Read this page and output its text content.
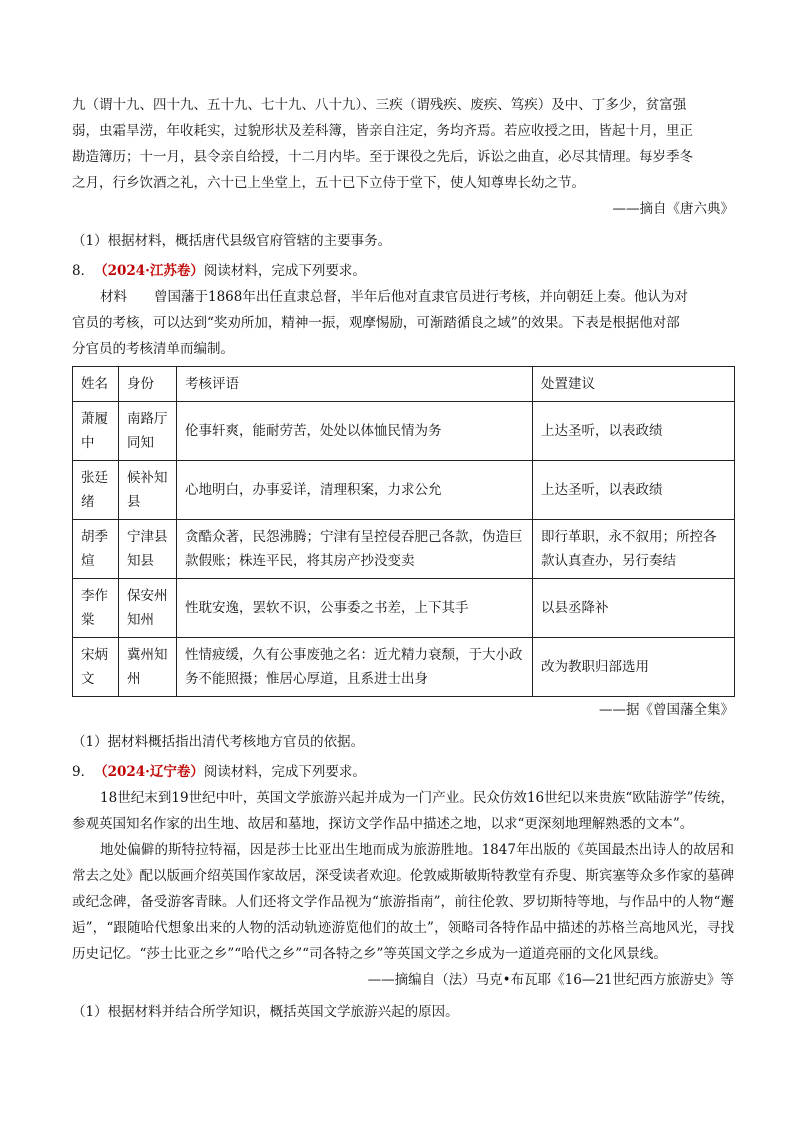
九（谓十九、四十九、五十九、七十九、八十九）、三疾（谓残疾、废疾、笃疾）及中、丁多少，贫富强

弱，虫霜旱涝，年收耗实，过貌形状及差科簿，皆亲自注定，务均齐焉。若应收授之田，皆起十月，里正

勘造簿历；十一月，县令亲自给授，十二月内毕。至于课役之先后，诉讼之曲直，必尽其情理。每岁季冬

之月，行乡饮酒之礼，六十已上坐堂上，五十已下立侍于堂下，使人知尊卑长幼之节。

——摘自《唐六典》

（1）根据材料，概括唐代县级官府管辖的主要事务。

8．（2024·江苏卷）阅读材料，完成下列要求。

材料　　曾国藩于1868年出任直隶总督，半年后他对直隶官员进行考核，并向朝廷上奏。他认为对

官员的考核，可以达到“奖劝所加，精神一振，观摩惕励，可渐踏循良之域”的效果。下表是根据他对部

分官员的考核清单而编制。

姓名	身份	考核评语	处置建议
萧履中	南路厅同知	伦事轩爽，能耐劳苦，处处以体恤民情为务	上达圣听，以表政绩
张廷绪	候补知县	心地明白，办事妥详，清理积案，力求公允	上达圣听，以表政绩
胡季煊	宁津县知县	贪酷众著，民怨沸腾；宁津有呈控侵吞肥己各款，伪造巨款假账；株连平民，将其房产抄没变卖	即行革职，永不叙用；所控各款认真查办，另行奏结
李作棠	保安州知州	性耽安逸，罢软不识，公事委之书差，上下其手	以县丞降补
宋炳文	冀州知州	性情疲缓，久有公事废弛之名：近尤精力衰颓，于大小政务不能照摄；惟居心厚道，且系进士出身	改为教职归部选用

——据《曾国藩全集》

（1）据材料概括指出清代考核地方官员的依据。

9．（2024·辽宁卷）阅读材料，完成下列要求。

18世纪末到19世纪中叶，英国文学旅游兴起并成为一门产业。民众仿效16世纪以来贵族“欧陆游学”传统，参观英国知名作家的出生地、故居和墓地，探访文学作品中描述之地，以求“更深刻地理解熟悉的文本”。

地处偏僻的斯特拉特福，因是莎士比亚出生地而成为旅游胜地。1847年出版的《英国最杰出诗人的故居和常去之处》配以版画介绍英国作家故居，深受读者欢迎。伦敦威斯敏斯特教堂有乔叟、斯宾塞等众多作家的墓碑或纪念碑，备受游客青睐。人们还将文学作品视为“旅游指南”，前往伦敦、罗切斯特等地，与作品中的人物“邂逅”，“跟随哈代想象出来的人物的活动轨迹游览他们的故土”，领略司各特作品中描述的苏格兰高地风光，寻找历史记忆。“莎士比亚之乡”“哈代之乡”“司各特之乡”等英国文学之乡成为一道道亮丽的文化风景线。

——摘编自（法）马克•布瓦耶《16—21世纪西方旅游史》等

（1）根据材料并结合所学知识，概括英国文学旅游兴起的原因。
